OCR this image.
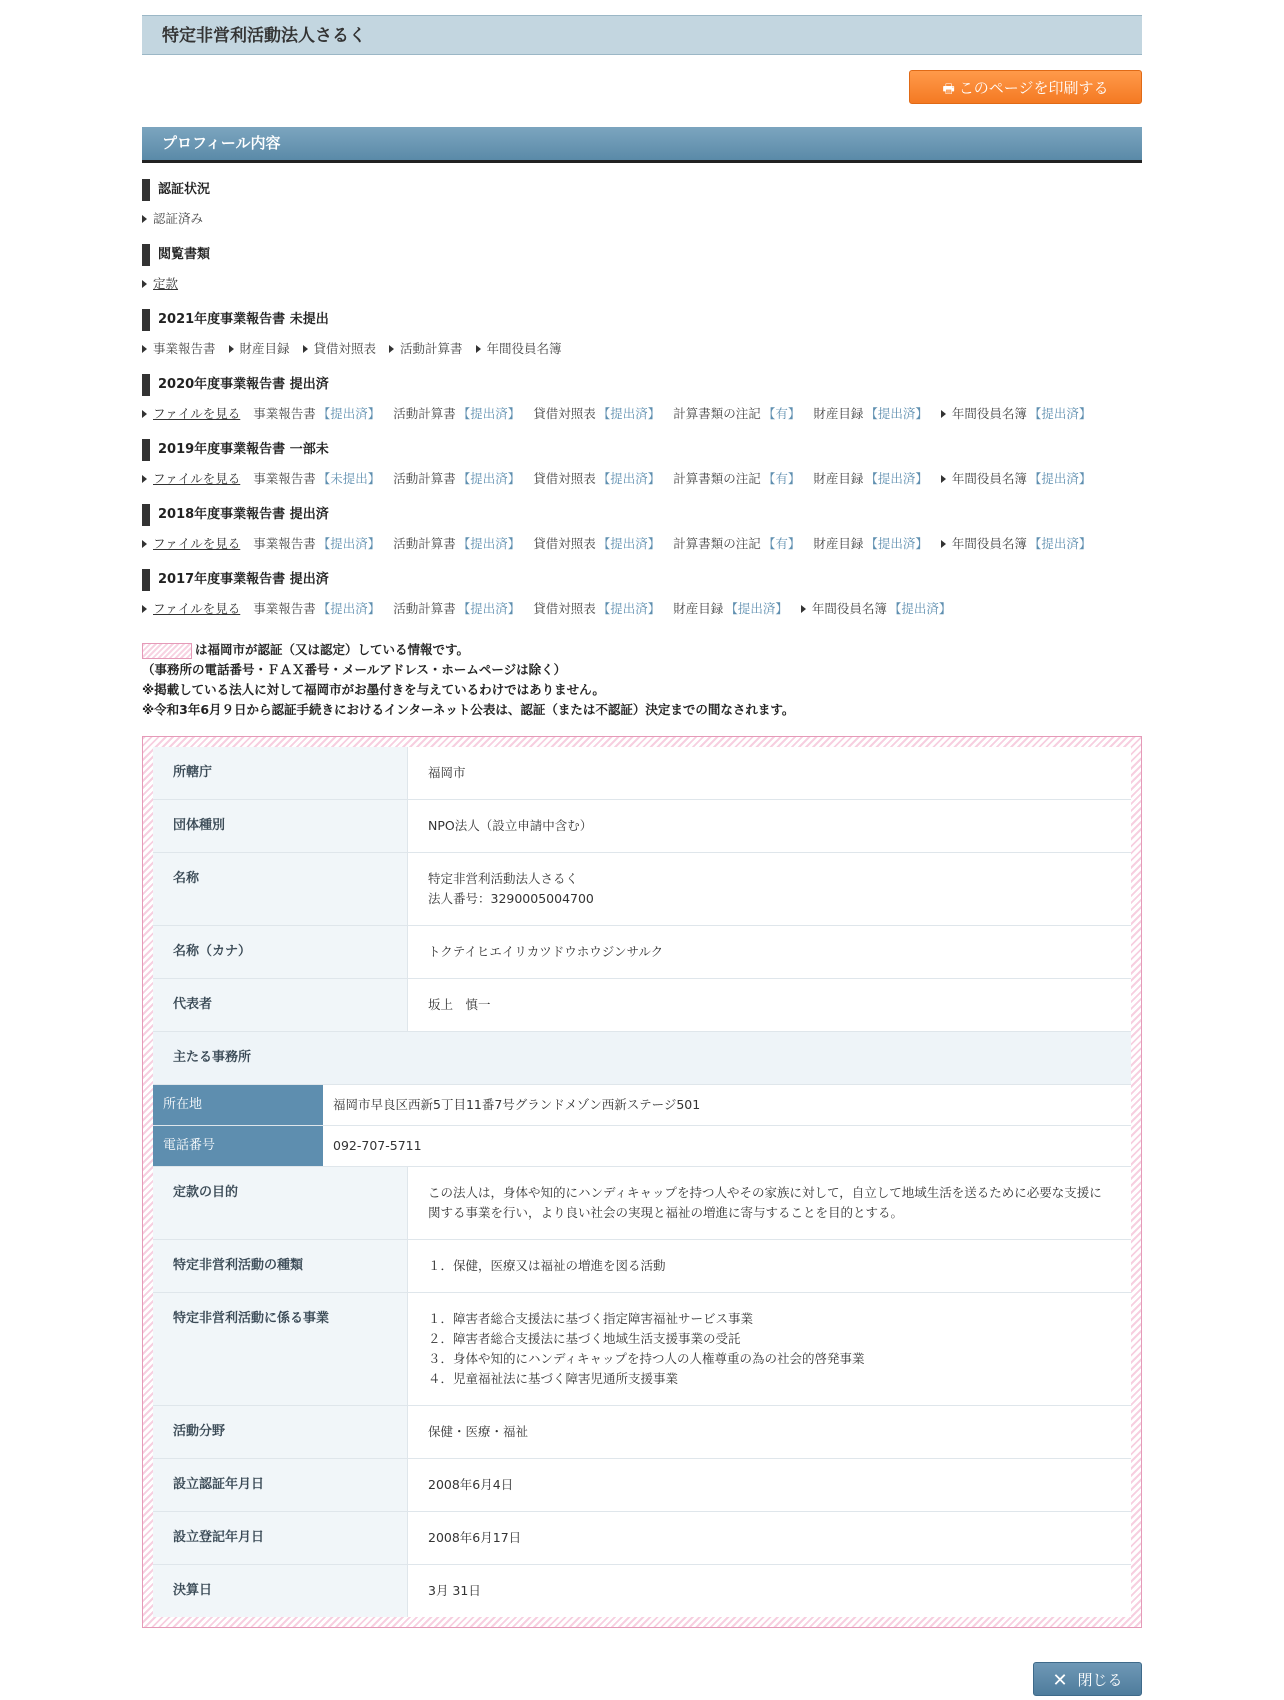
特定非営利活動法人さるく
🖶 このページを印刷する
プロフィール内容
認証状況
認証済み
閲覧書類
定款
2021年度事業報告書 未提出
事業報告書 財産目録 貸借対照表 活動計算書 年間役員名簿
2020年度事業報告書 提出済
ファイルを見る 事業報告書 【提出済】 活動計算書 【提出済】 貸借対照表 【提出済】 計算書類の注記 【有】 財産目録 【提出済】 年間役員名簿 【提出済】
2019年度事業報告書 一部未
ファイルを見る 事業報告書 【未提出】 活動計算書 【提出済】 貸借対照表 【提出済】 計算書類の注記 【有】 財産目録 【提出済】 年間役員名簿 【提出済】
2018年度事業報告書 提出済
ファイルを見る 事業報告書 【提出済】 活動計算書 【提出済】 貸借対照表 【提出済】 計算書類の注記 【有】 財産目録 【提出済】 年間役員名簿 【提出済】
2017年度事業報告書 提出済
ファイルを見る 事業報告書 【提出済】 活動計算書 【提出済】 貸借対照表 【提出済】 財産目録 【提出済】 年間役員名簿 【提出済】
は福岡市が認証（又は認定）している情報です。
（事務所の電話番号・ＦＡＸ番号・メールアドレス・ホームページは除く）
※掲載している法人に対して福岡市がお墨付きを与えているわけではありません。
※令和3年6月９日から認証手続きにおけるインターネット公表は、認証（または不認証）決定までの間なされます。
所轄庁	福岡市
団体種別	NPO法人（設立申請中含む）
名称	特定非営利活動法人さるく
法人番号：3290005004700
名称（カナ）	トクテイヒエイリカツドウホウジンサルク
代表者	坂上　慎一
主たる事務所
所在地	福岡市早良区西新5丁目11番7号グランドメゾン西新ステージ501
電話番号	092-707-5711
定款の目的	この法人は，身体や知的にハンディキャップを持つ人やその家族に対して，自立して地域生活を送るために必要な支援に関する事業を行い，より良い社会の実現と福祉の増進に寄与することを目的とする。
特定非営利活動の種類	１．保健，医療又は福祉の増進を図る活動
特定非営利活動に係る事業	１．障害者総合支援法に基づく指定障害福祉サービス事業
２．障害者総合支援法に基づく地域生活支援事業の受託
３．身体や知的にハンディキャップを持つ人の人権尊重の為の社会的啓発事業
４．児童福祉法に基づく障害児通所支援事業
活動分野	保健・医療・福祉
設立認証年月日	2008年6月4日
設立登記年月日	2008年6月17日
決算日	3月 31日
✕ 閉じる
